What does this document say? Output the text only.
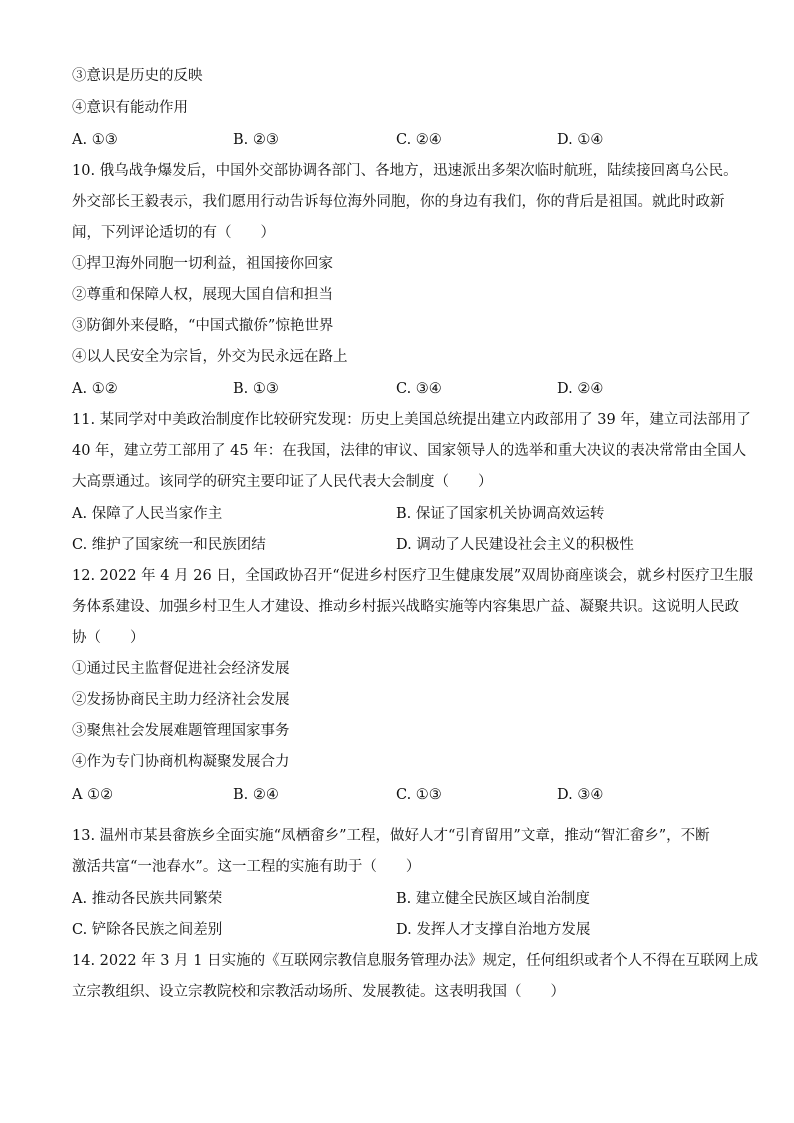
③意识是历史的反映
④意识有能动作用
A. ①③	B. ②③	C. ②④	D. ①④
10. 俄乌战争爆发后，中国外交部协调各部门、各地方，迅速派出多架次临时航班，陆续接回离乌公民。
外交部长王毅表示，我们愿用行动告诉每位海外同胞，你的身边有我们，你的背后是祖国。就此时政新
闻，下列评论适切的有（　　）
①捍卫海外同胞一切利益，祖国接你回家
②尊重和保障人权，展现大国自信和担当
③防御外来侵略，“中国式撤侨”惊艳世界
④以人民安全为宗旨，外交为民永远在路上
A. ①②	B. ①③	C. ③④	D. ②④
11. 某同学对中美政治制度作比较研究发现：历史上美国总统提出建立内政部用了 39 年，建立司法部用了
40 年，建立劳工部用了 45 年：在我国，法律的审议、国家领导人的选举和重大决议的表决常常由全国人
大高票通过。该同学的研究主要印证了人民代表大会制度（　　）
A. 保障了人民当家作主	B. 保证了国家机关协调高效运转
C. 维护了国家统一和民族团结	D. 调动了人民建设社会主义的积极性
12. 2022 年 4 月 26 日，全国政协召开“促进乡村医疗卫生健康发展”双周协商座谈会，就乡村医疗卫生服
务体系建设、加强乡村卫生人才建设、推动乡村振兴战略实施等内容集思广益、凝聚共识。这说明人民政
协（　　）
①通过民主监督促进社会经济发展
②发扬协商民主助力经济社会发展
③聚焦社会发展难题管理国家事务
④作为专门协商机构凝聚发展合力
A ①②	B. ②④	C. ①③	D. ③④
13. 温州市某县畲族乡全面实施“凤栖畲乡”工程，做好人才“引育留用”文章，推动“智汇畲乡”，不断
激活共富“一池春水”。这一工程的实施有助于（　　）
A. 推动各民族共同繁荣	B. 建立健全民族区域自治制度
C. 铲除各民族之间差别	D. 发挥人才支撑自治地方发展
14. 2022 年 3 月 1 日实施的《互联网宗教信息服务管理办法》规定，任何组织或者个人不得在互联网上成
立宗教组织、设立宗教院校和宗教活动场所、发展教徒。这表明我国（　　）
